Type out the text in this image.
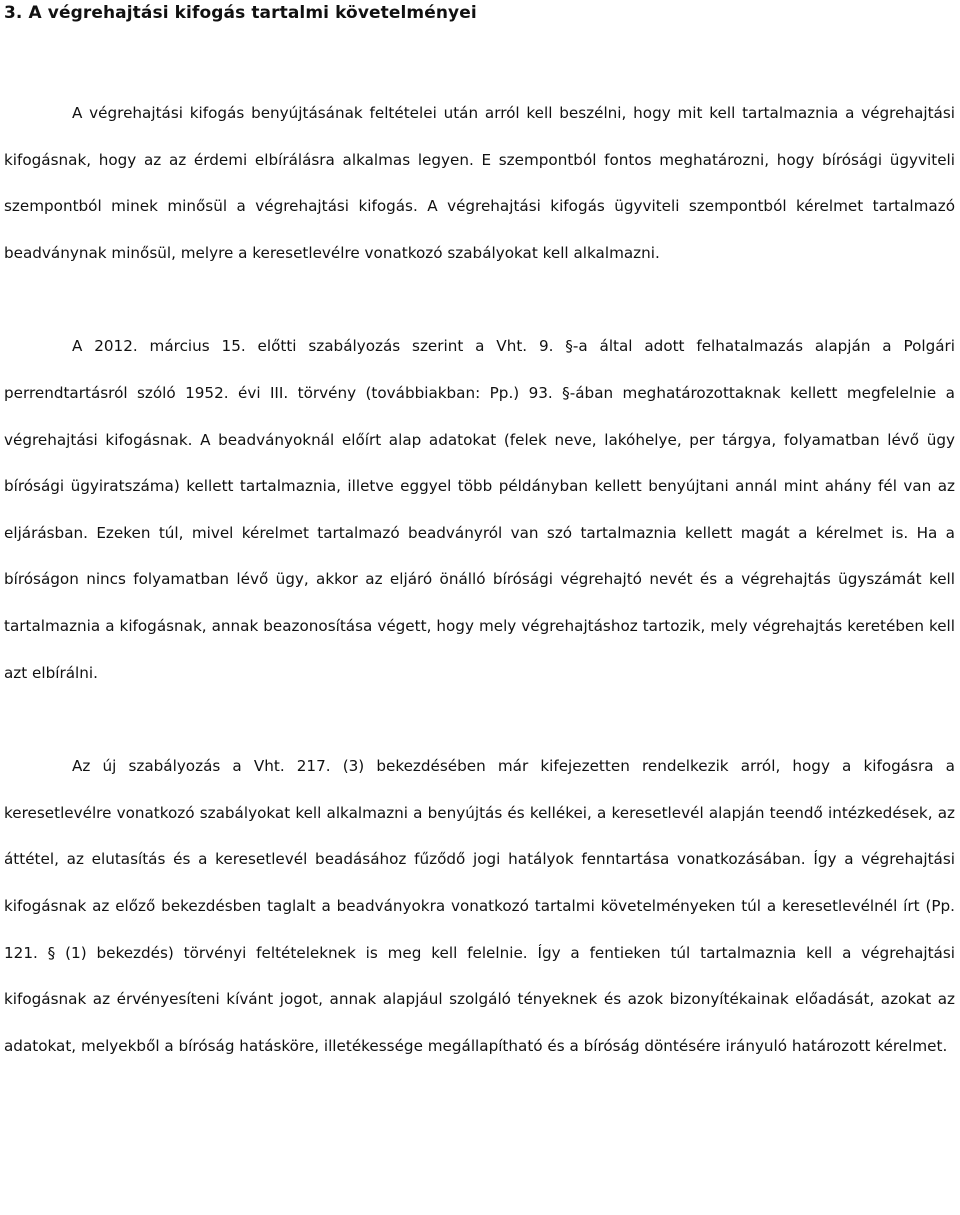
3. A végrehajtási kifogás tartalmi követelményei

A végrehajtási kifogás benyújtásának feltételei után arról kell beszélni, hogy mit kell tartalmaznia a végrehajtási kifogásnak, hogy az az érdemi elbírálásra alkalmas legyen. E szempontból fontos meghatározni, hogy bírósági ügyviteli szempontból minek minősül a végrehajtási kifogás. A végrehajtási kifogás ügyviteli szempontból kérelmet tartalmazó beadványnak minősül, melyre a keresetlevélre vonatkozó szabályokat kell alkalmazni.

A 2012. március 15. előtti szabályozás szerint a Vht. 9. §-a által adott felhatalmazás alapján a Polgári perrendtartásról szóló 1952. évi III. törvény (továbbiakban: Pp.) 93. §-ában meghatározottaknak kellett megfelelnie a végrehajtási kifogásnak. A beadványoknál előírt alap adatokat (felek neve, lakóhelye, per tárgya, folyamatban lévő ügy bírósági ügyiratszáma) kellett tartalmaznia, illetve eggyel több példányban kellett benyújtani annál mint ahány fél van az eljárásban. Ezeken túl, mivel kérelmet tartalmazó beadványról van szó tartalmaznia kellett magát a kérelmet is. Ha a bíróságon nincs folyamatban lévő ügy, akkor az eljáró önálló bírósági végrehajtó nevét és a végrehajtás ügyszámát kell tartalmaznia a kifogásnak, annak beazonosítása végett, hogy mely végrehajtáshoz tartozik, mely végrehajtás keretében kell azt elbírálni.

Az új szabályozás a Vht. 217. (3) bekezdésében már kifejezetten rendelkezik arról, hogy a kifogásra a keresetlevélre vonatkozó szabályokat kell alkalmazni a benyújtás és kellékei, a keresetlevél alapján teendő intézkedések, az áttétel, az elutasítás és a keresetlevél beadásához fűződő jogi hatályok fenntartása vonatkozásában. Így a végrehajtási kifogásnak az előző bekezdésben taglalt a beadványokra vonatkozó tartalmi követelményeken túl a keresetlevélnél írt (Pp. 121. § (1) bekezdés) törvényi feltételeknek is meg kell felelnie. Így a fentieken túl tartalmaznia kell a végrehajtási kifogásnak az érvényesíteni kívánt jogot, annak alapjául szolgáló tényeknek és azok bizonyítékainak előadását, azokat az adatokat, melyekből a bíróság hatásköre, illetékessége megállapítható és a bíróság döntésére irányuló határozott kérelmet.
